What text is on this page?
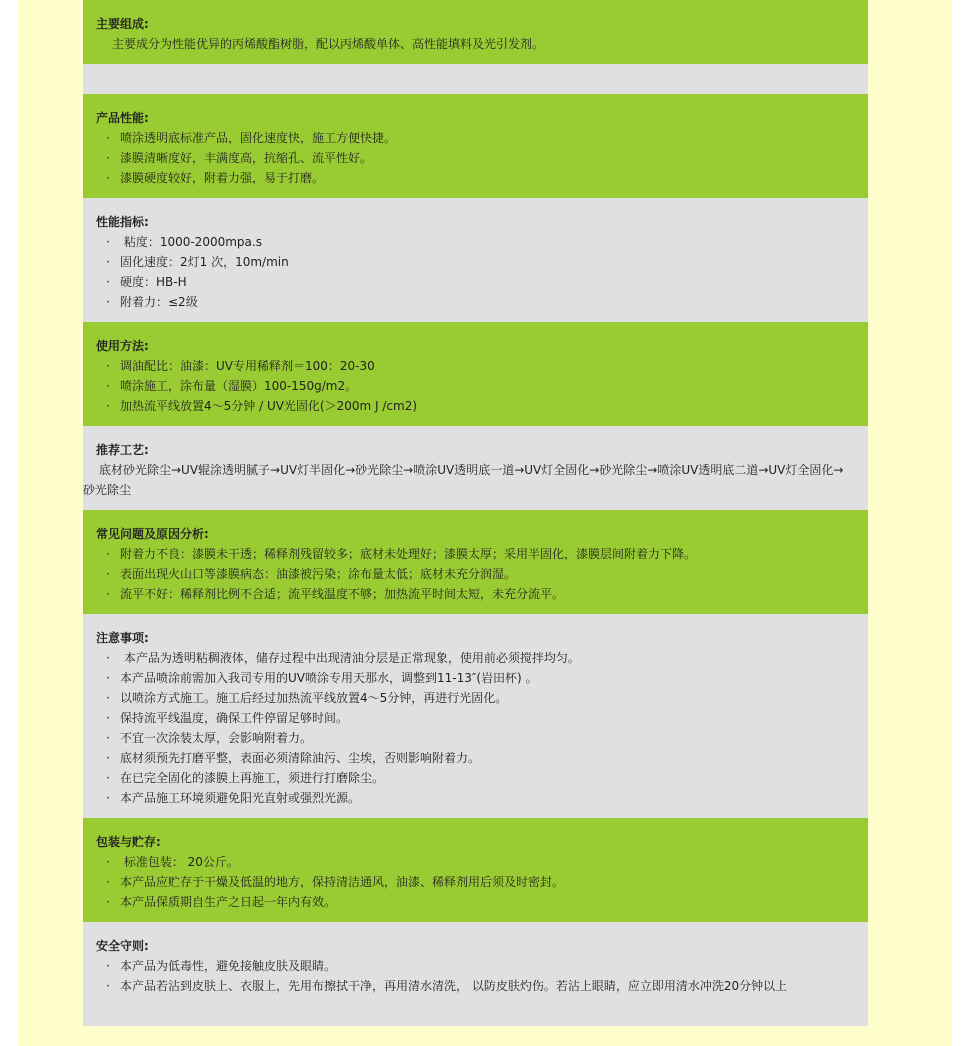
主要组成:
主要成分为性能优异的丙烯酸酯树脂，配以丙烯酸单体、高性能填料及光引发剂。
产品性能:
· 喷涂透明底标准产品，固化速度快，施工方便快捷。
· 漆膜清晰度好，丰满度高，抗缩孔、流平性好。
· 漆膜硬度较好，附着力强，易于打磨。
性能指标:
· 粘度：1000-2000mpa.s
· 固化速度：2灯1 次，10m/min
· 硬度：HB-H
· 附着力：≤2级
使用方法:
· 调油配比：油漆：UV专用稀释剂＝100：20-30
· 喷涂施工，涂布量（湿膜）100-150g/m2。
· 加热流平线放置4～5分钟 / UV光固化(＞200m J /cm2)
推荐工艺:
底材砂光除尘→UV辊涂透明腻子→UV灯半固化→砂光除尘→喷涂UV透明底一道→UV灯全固化→砂光除尘→喷涂UV透明底二道→UV灯全固化→砂光除尘
常见问题及原因分析:
· 附着力不良：漆膜未干透；稀释剂残留较多；底材未处理好；漆膜太厚；采用半固化，漆膜层间附着力下降。
· 表面出现火山口等漆膜病态：油漆被污染；涂布量太低；底材未充分润湿。
· 流平不好：稀释剂比例不合适；流平线温度不够；加热流平时间太短，未充分流平。
注意事项:
· 本产品为透明粘稠液体，储存过程中出现清油分层是正常现象，使用前必须搅拌均匀。
· 本产品喷涂前需加入我司专用的UV喷涂专用天那水，调整到11-13″(岩田杯) 。
· 以喷涂方式施工。施工后经过加热流平线放置4～5分钟，再进行光固化。
· 保持流平线温度，确保工件停留足够时间。
· 不宜一次涂装太厚，会影响附着力。
· 底材须预先打磨平整，表面必须清除油污、尘埃，否则影响附着力。
· 在已完全固化的漆膜上再施工，须进行打磨除尘。
· 本产品施工环境须避免阳光直射或强烈光源。
包装与贮存:
· 标准包装： 20公斤。
· 本产品应贮存于干燥及低温的地方，保持清洁通风，油漆、稀释剂用后须及时密封。
· 本产品保质期自生产之日起一年内有效。
安全守则:
· 本产品为低毒性，避免接触皮肤及眼睛。
· 本产品若沾到皮肤上、衣服上，先用布擦拭干净，再用清水清洗， 以防皮肤灼伤。若沾上眼睛，应立即用清水冲洗20分钟以上
